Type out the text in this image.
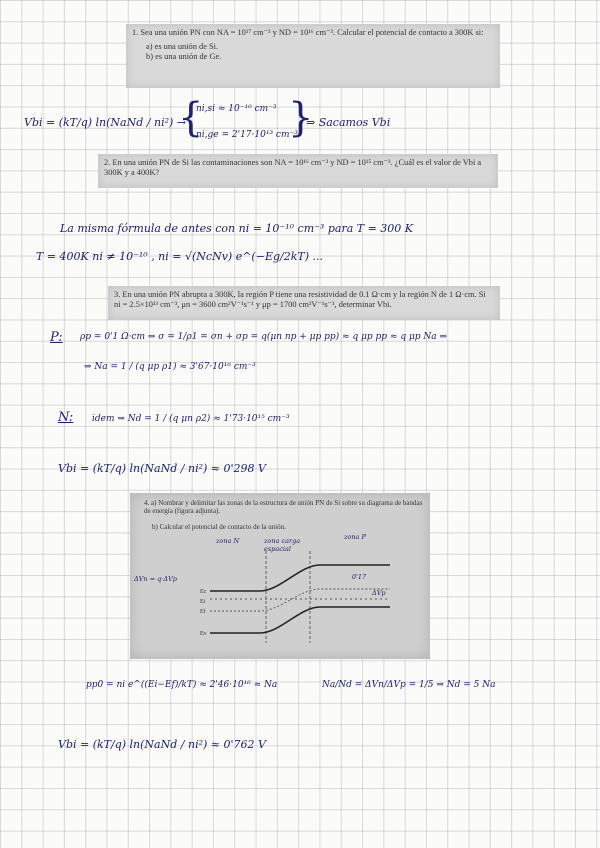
1. Sea una unión PN con NA = 10¹⁷ cm⁻³ y ND = 10¹⁶ cm⁻³. Calcular el potencial de contacto a 300K si:

a) es una unión de Si.

b) es una unión de Ge.

Vbi = (kT/q) ln(NaNd / ni²) →
{
ni,si ≈ 10⁻¹⁰ cm⁻³
ni,ge = 2'17·10¹³ cm⁻³
}
⇒ Sacamos Vbi

2. En una unión PN de Si las contaminaciones son NA = 10¹⁶ cm⁻³ y ND = 10¹⁵ cm⁻³. ¿Cuál es el valor de Vbi a 300K y a 400K?

La misma fórmula de antes con ni = 10⁻¹⁰ cm⁻³ para T = 300 K
T = 400K ni ≠ 10⁻¹⁰ , ni = √(NcNv) e^(−Eg/2kT) ...

3. En una unión PN abrupta a 300K, la región P tiene una resistividad de 0.1 Ω·cm y la región N de 1 Ω·cm. Si ni = 2.5×10¹³ cm⁻³, μn = 3600 cm²V⁻¹s⁻¹ y μp = 1700 cm²V⁻¹s⁻¹, determinar Vbi.

P: ρp = 0'1 Ω·cm ⇒ σ = 1/ρ1 = σn + σp = q(μn np + μp pp) ≈ q μp pp ≈ q μp Na ⇒
⇒ Na = 1 / (q μp ρ1) ≈ 3'67·10¹⁶ cm⁻³
N: idem ⇒ Nd = 1 / (q μn ρ2) ≈ 1'73·10¹⁵ cm⁻³
Vbi = (kT/q) ln(NaNd / ni²) ≈ 0'298 V
4. a) Nombrar y delimitar las zonas de la estructura de unión PN de Si sobre su diagrama de bandas de energía (figura adjunta).
b) Calcular el potencial de contacto de la unión.
zona N	zona carga espacial
zona P
ΔVn = q·ΔVp
ΔVp
0'17
Ec
Ei
Ef
Ev
pp0 = ni e^((Ei−Ef)/kT) ≈ 2'46·10¹⁶ ≈ Na	Na/Nd = ΔVn/ΔVp = 1/5 ⇒ Nd = 5 Na
Vbi = (kT/q) ln(NaNd / ni²) ≈ 0'762 V
